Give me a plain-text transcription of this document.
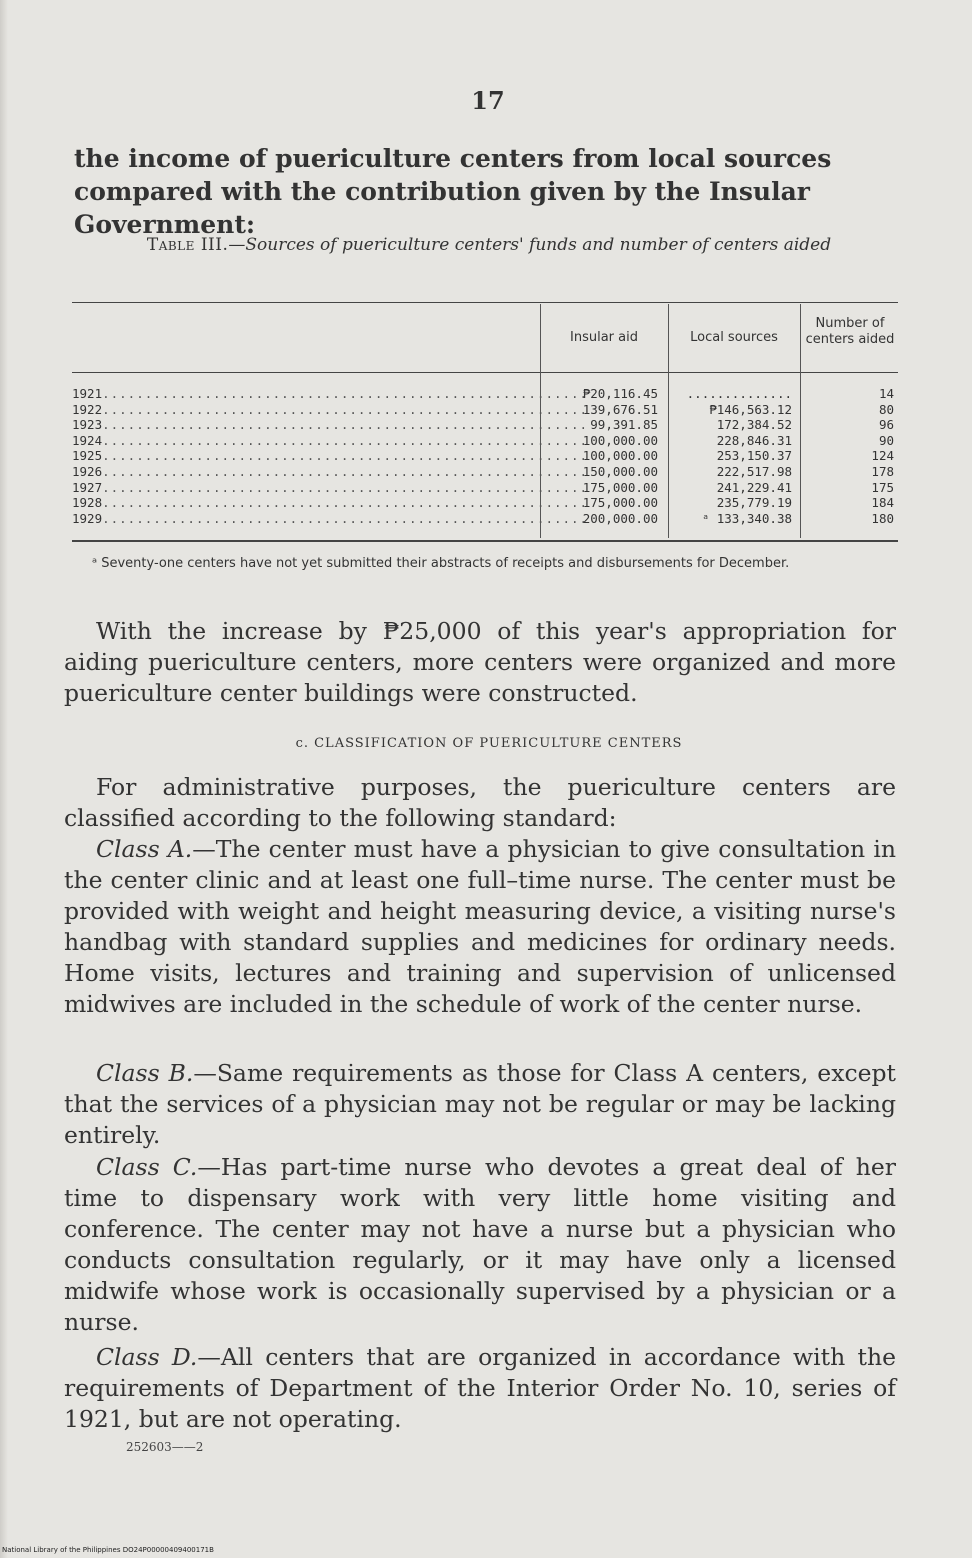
17
the income of puericulture centers from local sources compared with the contribution given by the Insular Government:
Table III.—Sources of puericulture centers' funds and number of centers aided
Insular aid	Local sources
Number of centers aided
1921.........................................................
1922.........................................................
1923.........................................................
1924.........................................................
1925.........................................................
1926.........................................................
1927.........................................................
1928.........................................................
1929.........................................................
₱20,116.45
139,676.51
99,391.85
100,000.00
100,000.00
150,000.00
175,000.00
175,000.00
200,000.00
..............
₱146,563.12
172,384.52
228,846.31
253,150.37
222,517.98
241,229.41
235,779.19
ᵃ 133,340.38
14
80
96
90
124
178
175
184
180
ᵃ Seventy-one centers have not yet submitted their abstracts of receipts and disbursements for December.
With the increase by ₱25,000 of this year's appropriation for aiding puericulture centers, more centers were organized and more puericulture center buildings were constructed.
c. CLASSIFICATION OF PUERICULTURE CENTERS
For administrative purposes, the puericulture centers are classified according to the following standard:
Class A.—The center must have a physician to give consultation in the center clinic and at least one full–time nurse. The center must be provided with weight and height measuring device, a visiting nurse's handbag with standard supplies and medicines for ordinary needs. Home visits, lectures and training and supervision of unlicensed midwives are included in the schedule of work of the center nurse.
Class B.—Same requirements as those for Class A centers, except that the services of a physician may not be regular or may be lacking entirely.
Class C.—Has part-time nurse who devotes a great deal of her time to dispensary work with very little home visiting and conference. The center may not have a nurse but a physician who conducts consultation regularly, or it may have only a licensed midwife whose work is occasionally supervised by a physician or a nurse.
Class D.—All centers that are organized in accordance with the requirements of Department of the Interior Order No. 10, series of 1921, but are not operating.
252603——2
National Library of the Philippines DO24P00000409400171B
